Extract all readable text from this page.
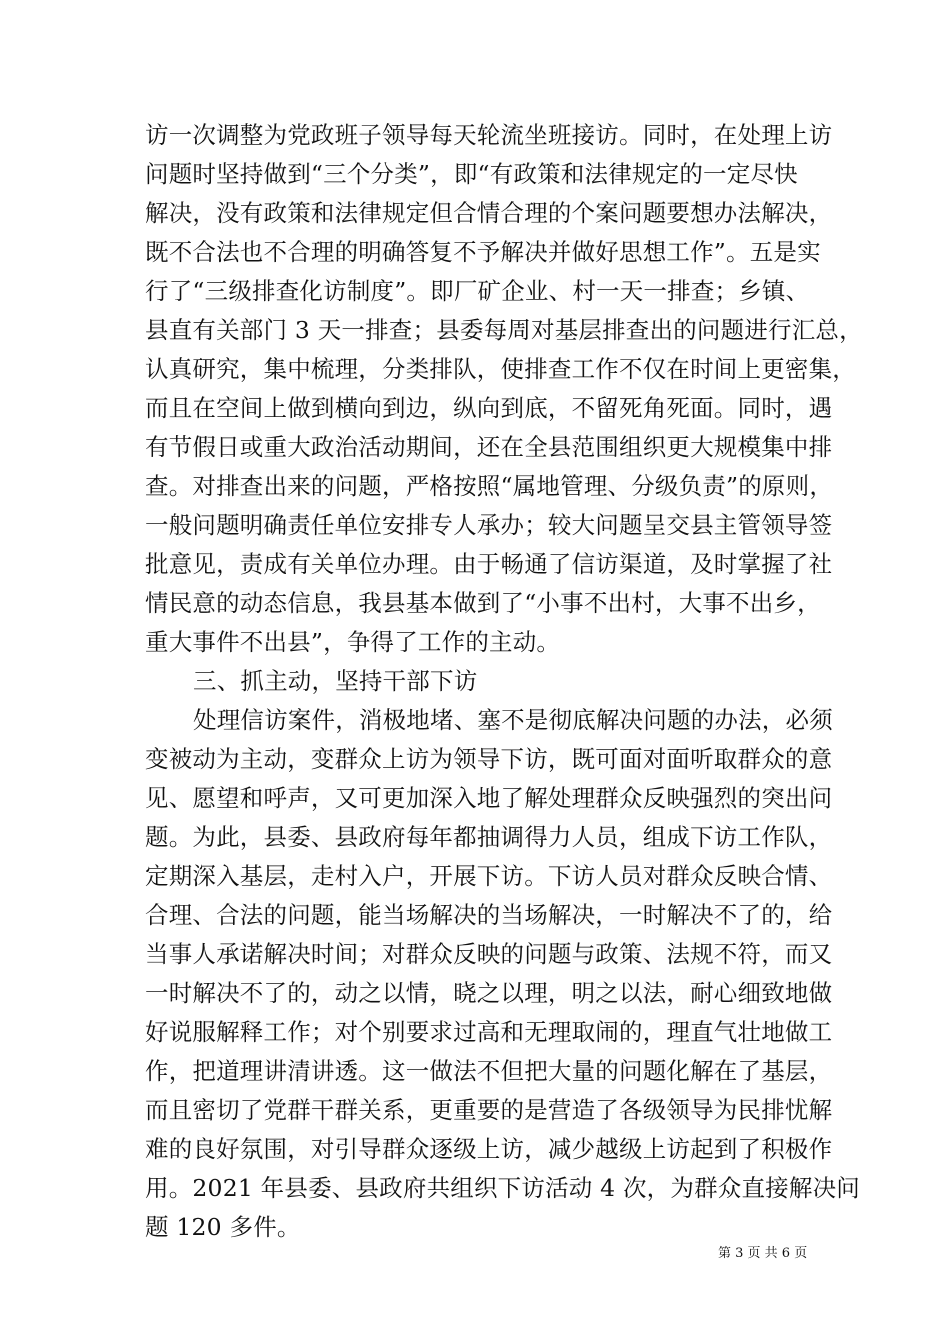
访一次调整为党政班子领导每天轮流坐班接访。同时，在处理上访
问题时坚持做到“三个分类”，即“有政策和法律规定的一定尽快
解决，没有政策和法律规定但合情合理的个案问题要想办法解决，
既不合法也不合理的明确答复不予解决并做好思想工作”。五是实
行了“三级排查化访制度”。即厂矿企业、村一天一排查；乡镇、
县直有关部门 3 天一排查；县委每周对基层排查出的问题进行汇总，
认真研究，集中梳理，分类排队，使排查工作不仅在时间上更密集，
而且在空间上做到横向到边，纵向到底，不留死角死面。同时，遇
有节假日或重大政治活动期间，还在全县范围组织更大规模集中排
查。对排查出来的问题，严格按照“属地管理、分级负责”的原则，
一般问题明确责任单位安排专人承办；较大问题呈交县主管领导签
批意见，责成有关单位办理。由于畅通了信访渠道，及时掌握了社
情民意的动态信息，我县基本做到了“小事不出村，大事不出乡，
重大事件不出县”，争得了工作的主动。
三、抓主动，坚持干部下访
处理信访案件，消极地堵、塞不是彻底解决问题的办法，必须
变被动为主动，变群众上访为领导下访，既可面对面听取群众的意
见、愿望和呼声，又可更加深入地了解处理群众反映强烈的突出问
题。为此，县委、县政府每年都抽调得力人员，组成下访工作队，
定期深入基层，走村入户，开展下访。下访人员对群众反映合情、
合理、合法的问题，能当场解决的当场解决，一时解决不了的，给
当事人承诺解决时间；对群众反映的问题与政策、法规不符，而又
一时解决不了的，动之以情，晓之以理，明之以法，耐心细致地做
好说服解释工作；对个别要求过高和无理取闹的，理直气壮地做工
作，把道理讲清讲透。这一做法不但把大量的问题化解在了基层，
而且密切了党群干群关系，更重要的是营造了各级领导为民排忧解
难的良好氛围，对引导群众逐级上访，减少越级上访起到了积极作
用。2021 年县委、县政府共组织下访活动 4 次，为群众直接解决问
题 120 多件。
第 3 页 共 6 页
